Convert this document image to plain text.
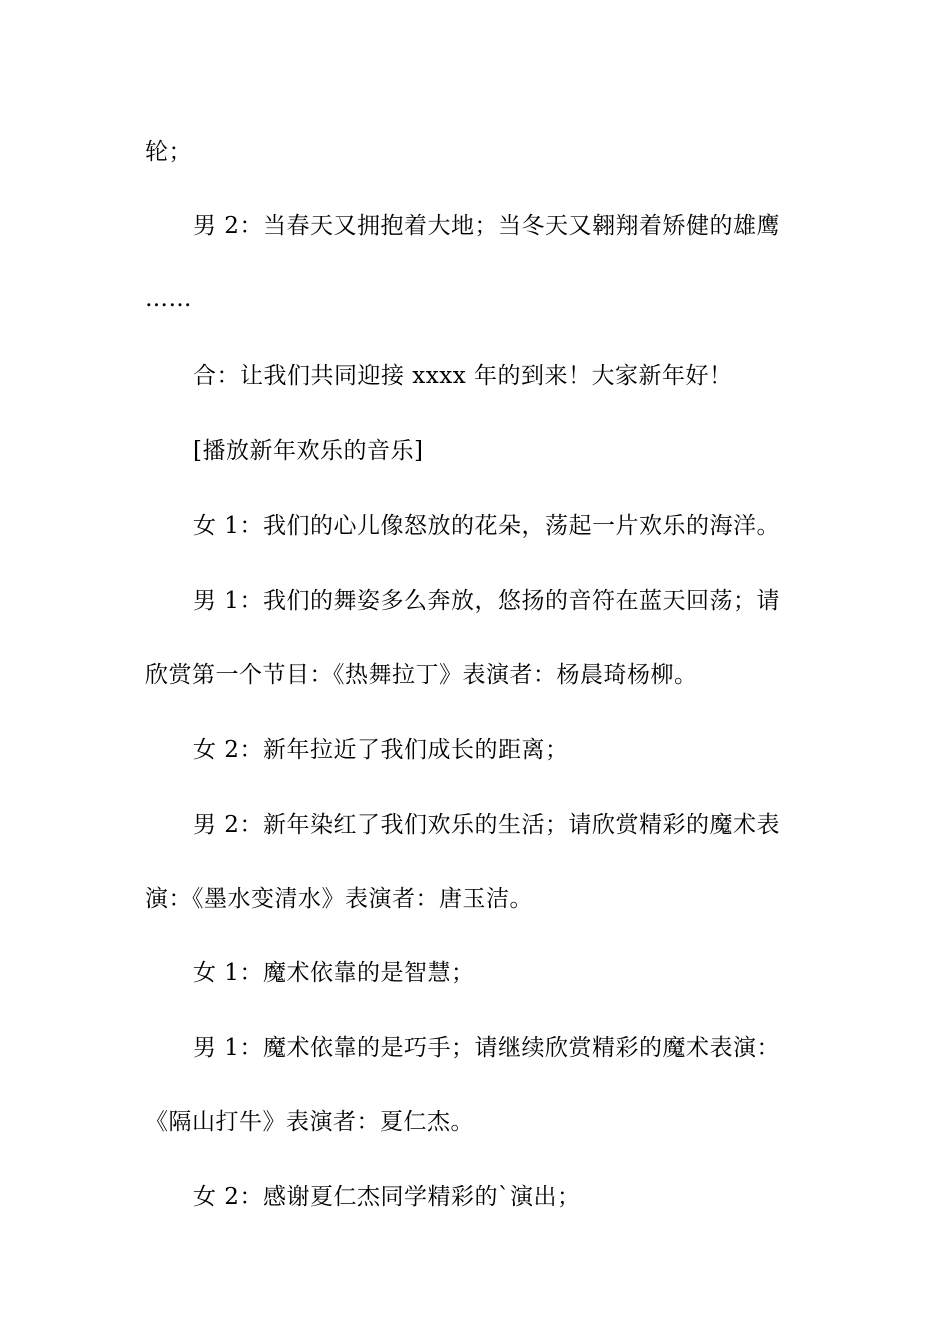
轮；
男 2：当春天又拥抱着大地；当冬天又翱翔着矫健的雄鹰
……
合：让我们共同迎接 xxxx 年的到来！大家新年好！
[播放新年欢乐的音乐]
女 1：我们的心儿像怒放的花朵，荡起一片欢乐的海洋。
男 1：我们的舞姿多么奔放，悠扬的音符在蓝天回荡；请
欣赏第一个节目：《热舞拉丁》表演者：杨晨琦杨柳。
女 2：新年拉近了我们成长的距离；
男 2：新年染红了我们欢乐的生活；请欣赏精彩的魔术表
演：《墨水变清水》表演者：唐玉洁。
女 1：魔术依靠的是智慧；
男 1：魔术依靠的是巧手；请继续欣赏精彩的魔术表演：
《隔山打牛》表演者：夏仁杰。
女 2：感谢夏仁杰同学精彩的`演出；
